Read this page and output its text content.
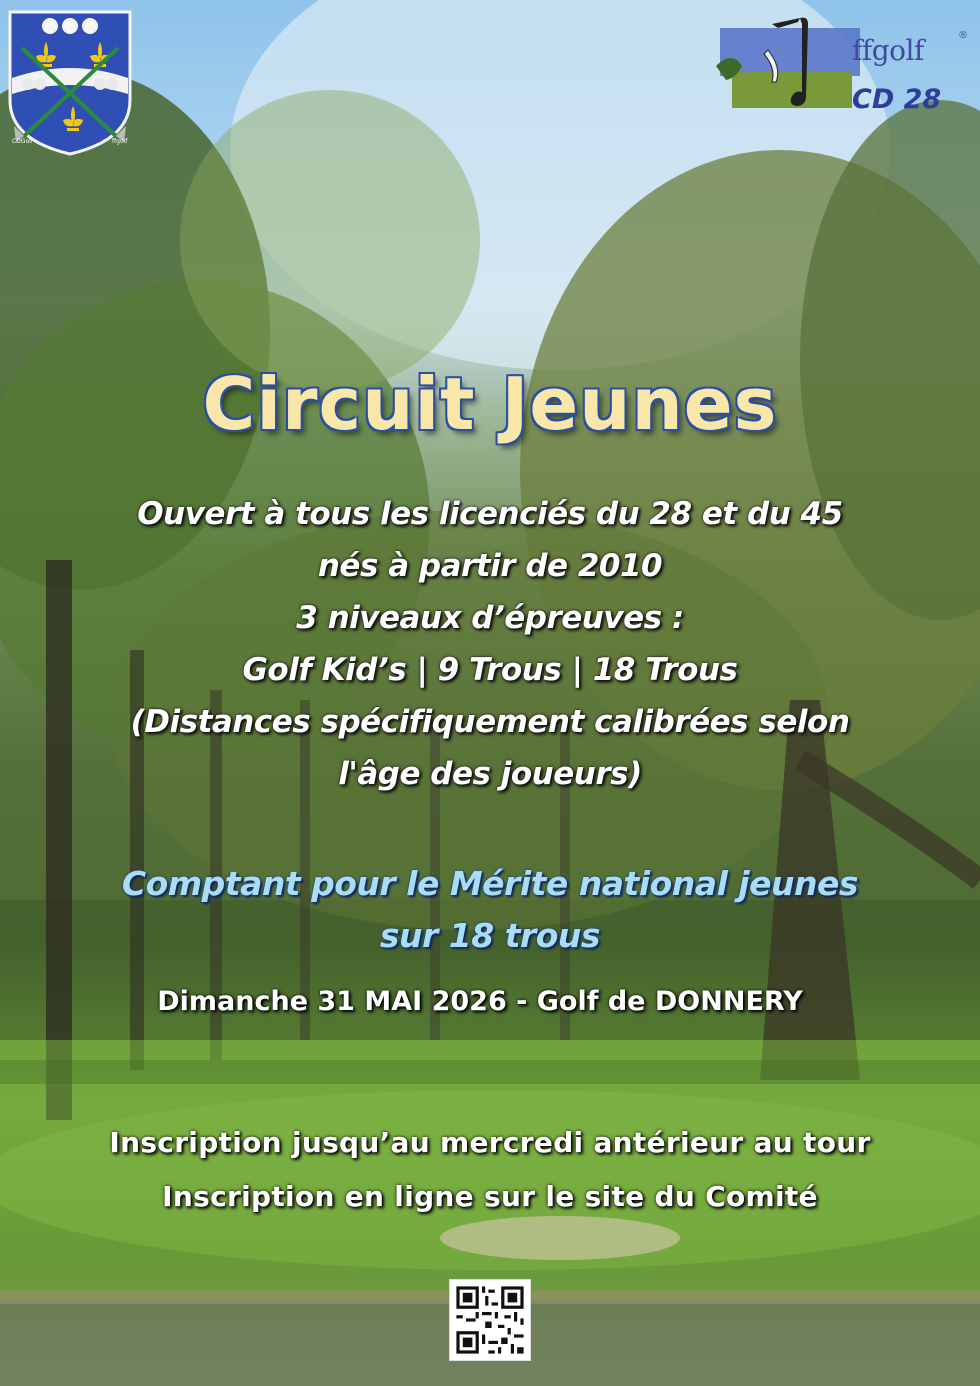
CDGolf	ffgolf
ffgolf	®
CD 28
Circuit Jeunes
Ouvert à tous les licenciés du 28 et du 45
nés à partir de 2010
3 niveaux d’épreuves :
Golf Kid’s | 9 Trous | 18 Trous
(Distances spécifiquement calibrées selon
l'âge des joueurs)
Comptant pour le Mérite national jeunes
sur 18 trous
Dimanche 31 MAI 2026 - Golf de DONNERY
Inscription jusqu’au mercredi antérieur au tour
Inscription en ligne sur le site du Comité
